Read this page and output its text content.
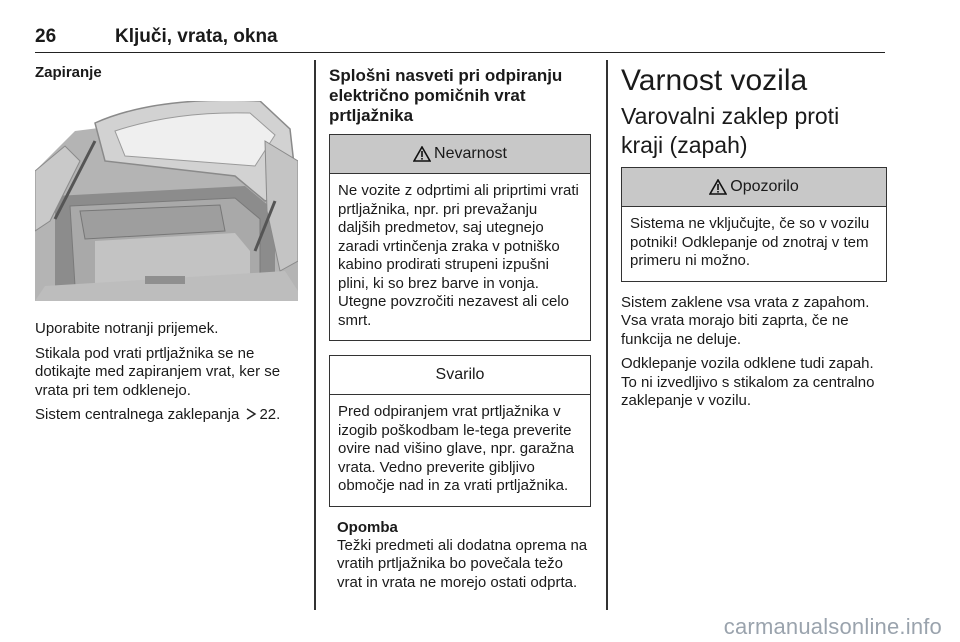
26	Ključi, vrata, okna

Zapiranje

Uporabite notranji prijemek.

Stikala pod vrati prtljažnika se ne dotikajte med zapiranjem vrat, ker se vrata pri tem odklenejo.

Sistem centralnega zaklepanja 22.

Splošni nasveti pri odpiranju električno pomičnih vrat prtljažnika

Nevarnost
Ne vozite z odprtimi ali priprtimi vrati prtljažnika, npr. pri prevažanju daljših predmetov, saj utegnejo zaradi vrtinčenja zraka v potniško kabino prodirati strupeni izpušni plini, ki so brez barve in vonja. Utegne povzročiti nezavest ali celo smrt.
Svarilo
Pred odpiranjem vrat prtljažnika v izogib poškodbam le-tega preverite ovire nad višino glave, npr. garažna vrata. Vedno preverite gibljivo območje nad in za vrati prtljažnika.

Opomba

Težki predmeti ali dodatna oprema na vratih prtljažnika bo povečala težo vrat in vrata ne morejo ostati odprta.

Varnost vozila

Varovalni zaklep proti kraji (zapah)

Opozorilo
Sistema ne vključujte, če so v vozilu potniki! Odklepanje od znotraj v tem primeru ni možno.

Sistem zaklene vsa vrata z zapahom. Vsa vrata morajo biti zaprta, če ne funkcija ne deluje.

Odklepanje vozila odklene tudi zapah. To ni izvedljivo s stikalom za centralno zaklepanje v vozilu.

carmanualsonline.info
